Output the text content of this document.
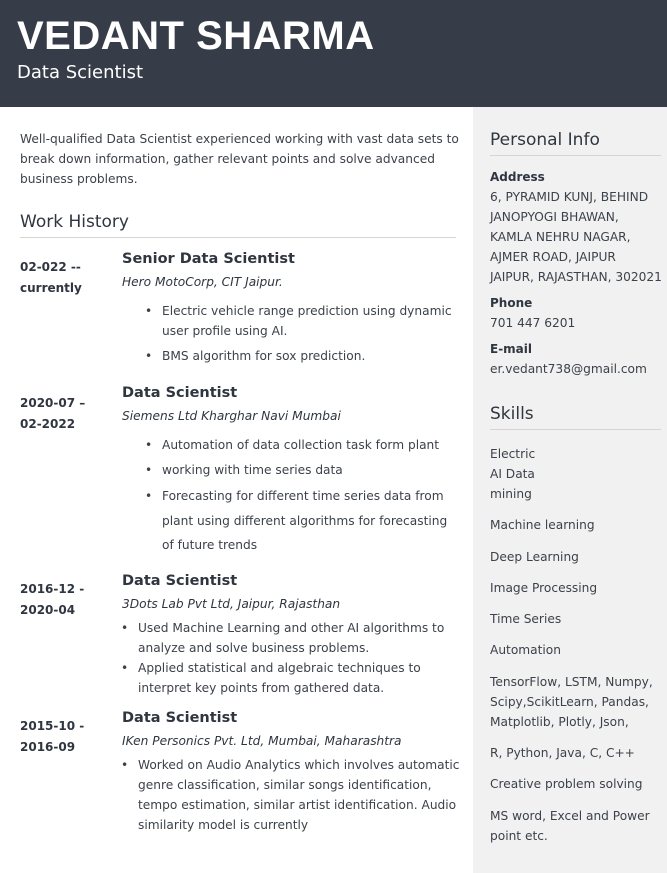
VEDANT SHARMA
Data Scientist
Well-qualified Data Scientist experienced working with vast data sets to break down information, gather relevant points and solve advanced business problems.
Work History
02-022 -- currently
Senior Data Scientist
Hero MotoCorp, CIT Jaipur.
• Electric vehicle range prediction using dynamic user profile using AI.
• BMS algorithm for sox prediction.
2020-07 – 02-2022
Data Scientist
Siemens Ltd Kharghar Navi Mumbai
• Automation of data collection task form plant
• working with time series data
• Forecasting for different time series data from plant using different algorithms for forecasting of future trends
2016-12 - 2020-04
Data Scientist
3Dots Lab Pvt Ltd, Jaipur, Rajasthan
• Used Machine Learning and other AI algorithms to analyze and solve business problems.
• Applied statistical and algebraic techniques to interpret key points from gathered data.
2015-10 - 2016-09
Data Scientist
IKen Personics Pvt. Ltd, Mumbai, Maharashtra
• Worked on Audio Analytics which involves automatic genre classification, similar songs identification, tempo estimation, similar artist identification. Audio similarity model is currently
Personal Info
Address
6, PYRAMID KUNJ, BEHIND JANOPYOGI BHAWAN, KAMLA NEHRU NAGAR, AJMER ROAD, JAIPUR JAIPUR, RAJASTHAN, 302021
Phone
701 447 6201
E-mail
er.vedant738@gmail.com
Skills
Electric AI Data mining
Machine learning
Deep Learning
Image Processing
Time Series
Automation
TensorFlow, LSTM, Numpy, Scipy,ScikitLearn, Pandas, Matplotlib, Plotly, Json,
R, Python, Java, C, C++
Creative problem solving
MS word, Excel and Power point etc.
